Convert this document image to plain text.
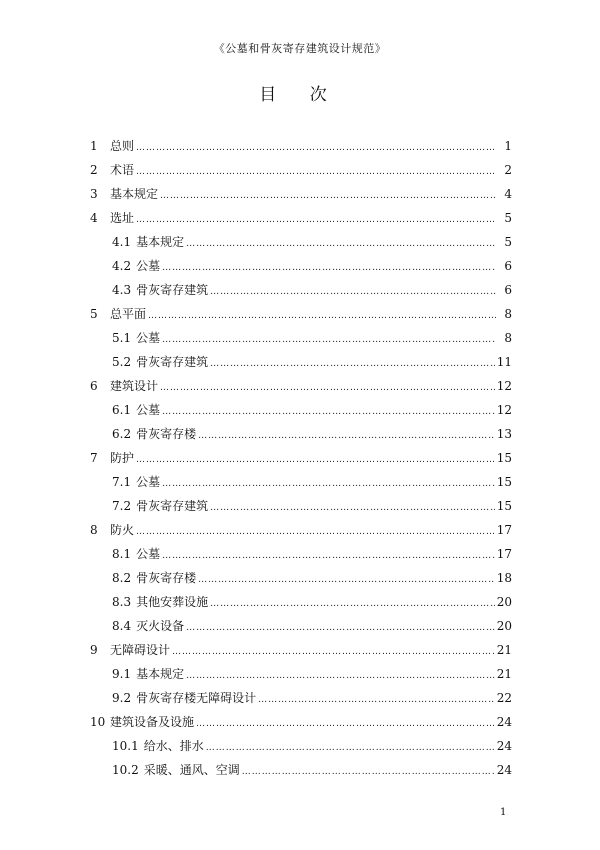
《公墓和骨灰寄存建筑设计规范》
目 次
1	总则 …………………………………………………………………………………………………………………………………………………………………………………………………………………………………………………………………………	1
2	术语 …………………………………………………………………………………………………………………………………………………………………………………………………………………………………………………………………………	2
3	基本规定 …………………………………………………………………………………………………………………………………………………………………………………………………………………………………………………………………………	4
4	选址 …………………………………………………………………………………………………………………………………………………………………………………………………………………………………………………………………………	5
4.1 基本规定 …………………………………………………………………………………………………………………………………………………………………………………………………………………………………………………………………………	5
4.2 公墓 …………………………………………………………………………………………………………………………………………………………………………………………………………………………………………………………………………	6
4.3 骨灰寄存建筑 …………………………………………………………………………………………………………………………………………………………………………………………………………………………………………………………………………	6
5	总平面 …………………………………………………………………………………………………………………………………………………………………………………………………………………………………………………………………………	8
5.1 公墓 …………………………………………………………………………………………………………………………………………………………………………………………………………………………………………………………………………	8
5.2 骨灰寄存建筑 …………………………………………………………………………………………………………………………………………………………………………………………………………………………………………………………………………	11
6	建筑设计 …………………………………………………………………………………………………………………………………………………………………………………………………………………………………………………………………………	12
6.1 公墓 …………………………………………………………………………………………………………………………………………………………………………………………………………………………………………………………………………	12
6.2 骨灰寄存楼 …………………………………………………………………………………………………………………………………………………………………………………………………………………………………………………………………………	13
7	防护 …………………………………………………………………………………………………………………………………………………………………………………………………………………………………………………………………………	15
7.1 公墓 …………………………………………………………………………………………………………………………………………………………………………………………………………………………………………………………………………	15
7.2 骨灰寄存建筑 …………………………………………………………………………………………………………………………………………………………………………………………………………………………………………………………………………	15
8	防火 …………………………………………………………………………………………………………………………………………………………………………………………………………………………………………………………………………	17
8.1 公墓 …………………………………………………………………………………………………………………………………………………………………………………………………………………………………………………………………………	17
8.2 骨灰寄存楼 …………………………………………………………………………………………………………………………………………………………………………………………………………………………………………………………………………	18
8.3 其他安葬设施 …………………………………………………………………………………………………………………………………………………………………………………………………………………………………………………………………………	20
8.4 灭火设备 …………………………………………………………………………………………………………………………………………………………………………………………………………………………………………………………………………	20
9	无障碍设计 …………………………………………………………………………………………………………………………………………………………………………………………………………………………………………………………………………	21
9.1 基本规定 …………………………………………………………………………………………………………………………………………………………………………………………………………………………………………………………………………	21
9.2 骨灰寄存楼无障碍设计 …………………………………………………………………………………………………………………………………………………………………………………………………………………………………………………………………………	22
10 建筑设备及设施 …………………………………………………………………………………………………………………………………………………………………………………………………………………………………………………………………………	24
10.1 给水、排水 …………………………………………………………………………………………………………………………………………………………………………………………………………………………………………………………………………	24
10.2 采暖、通风、空调 …………………………………………………………………………………………………………………………………………………………………………………………………………………………………………………………………………	24
1
